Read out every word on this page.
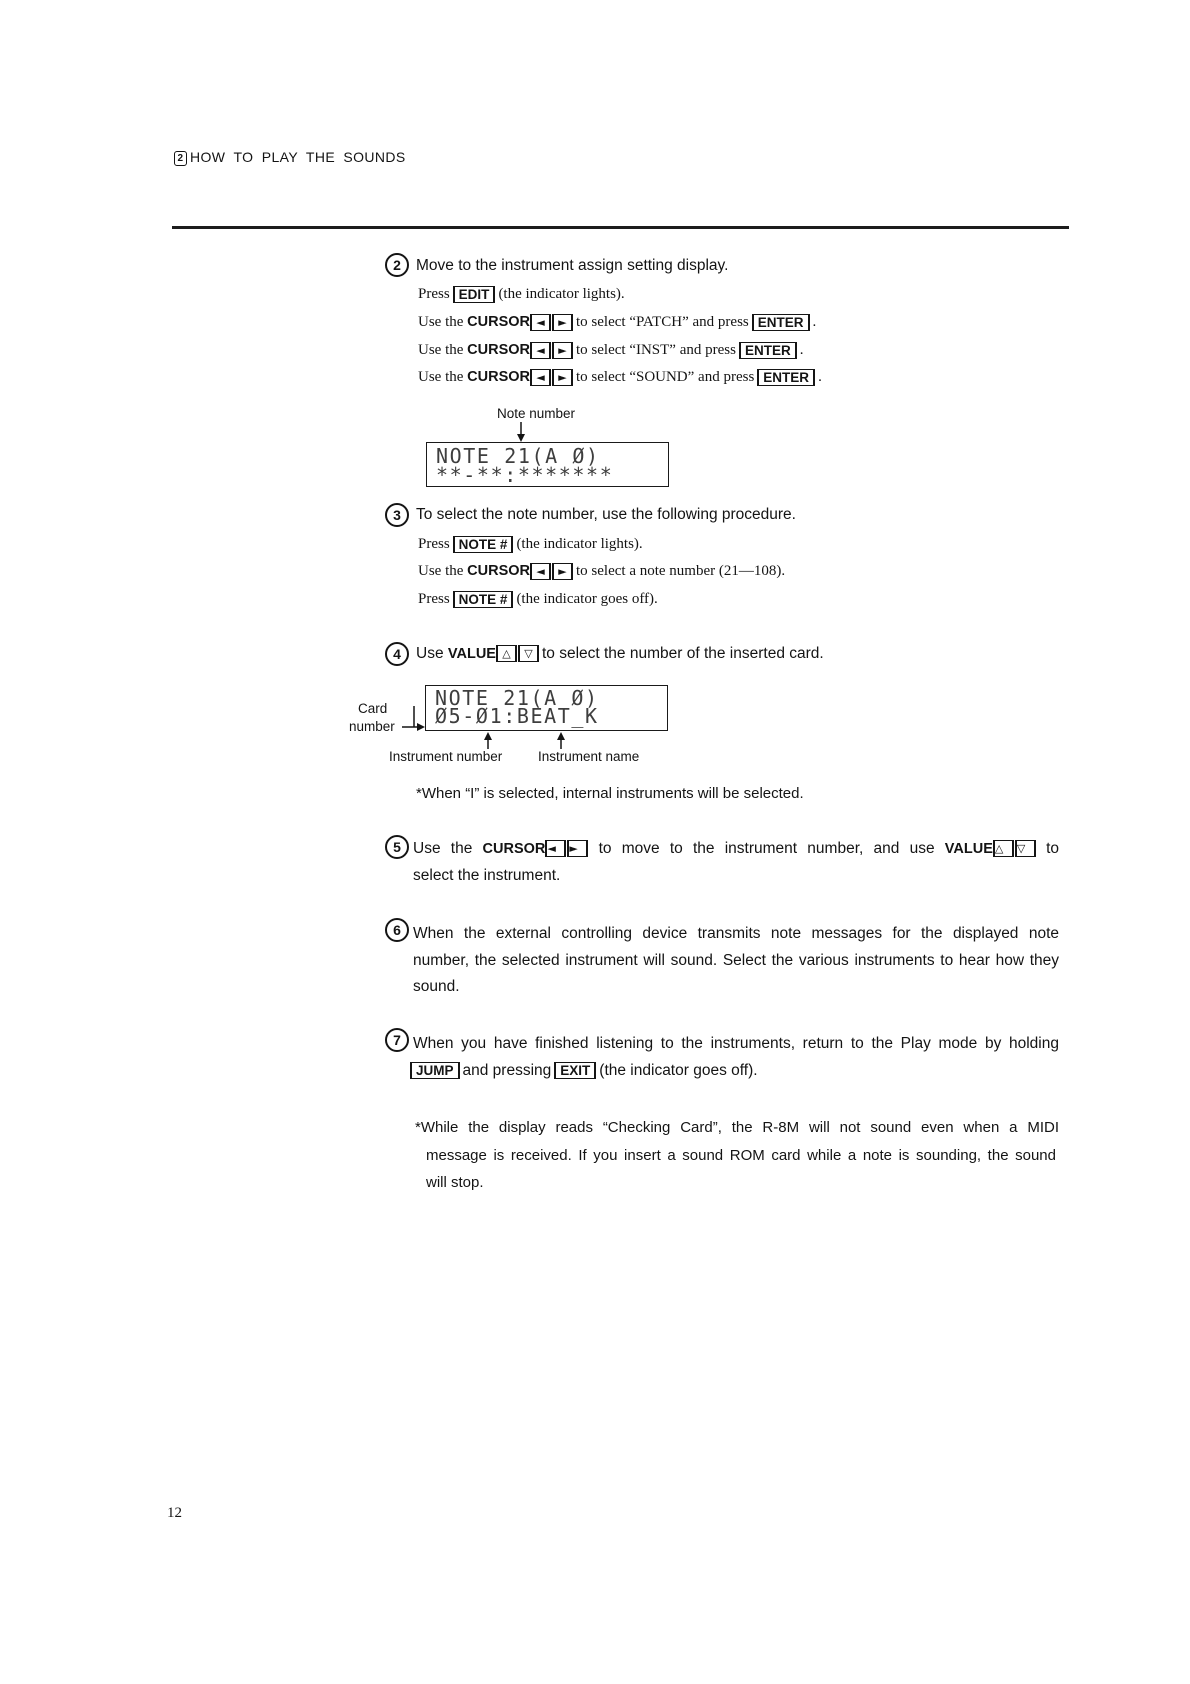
2 HOW TO PLAY THE SOUNDS
2 Move to the instrument assign setting display.
Press EDIT (the indicator lights).
Use the CURSOR ◄ ► to select “PATCH” and press ENTER .
Use the CURSOR ◄ ► to select “INST” and press ENTER .
Use the CURSOR ◄ ► to select “SOUND” and press ENTER .
Note number
NOTE 21(A Ø)
**-**:*******
3 To select the note number, use the following procedure.
Press NOTE # (the indicator lights).
Use the CURSOR ◄ ► to select a note number (21—108).
Press NOTE # (the indicator goes off).
4 Use VALUE △ ▽ to select the number of the inserted card.
NOTE 21(A Ø)
Ø5-Ø1:BEAT_K
Card
number
Instrument number	Instrument name
*When “I” is selected, internal instruments will be selected.
5 Use the CURSOR ◄ ► to move to the instrument number, and use VALUE △ ▽ to
select the instrument.
6 When the external controlling device transmits note messages for the displayed note
number, the selected instrument will sound. Select the various instruments to hear how they
sound.
7 When you have finished listening to the instruments, return to the Play mode by holding
JUMP and pressing EXIT (the indicator goes off).
*While the display reads “Checking Card”, the R-8M will not sound even when a MIDI
message is received. If you insert a sound ROM card while a note is sounding, the sound
will stop.
12
